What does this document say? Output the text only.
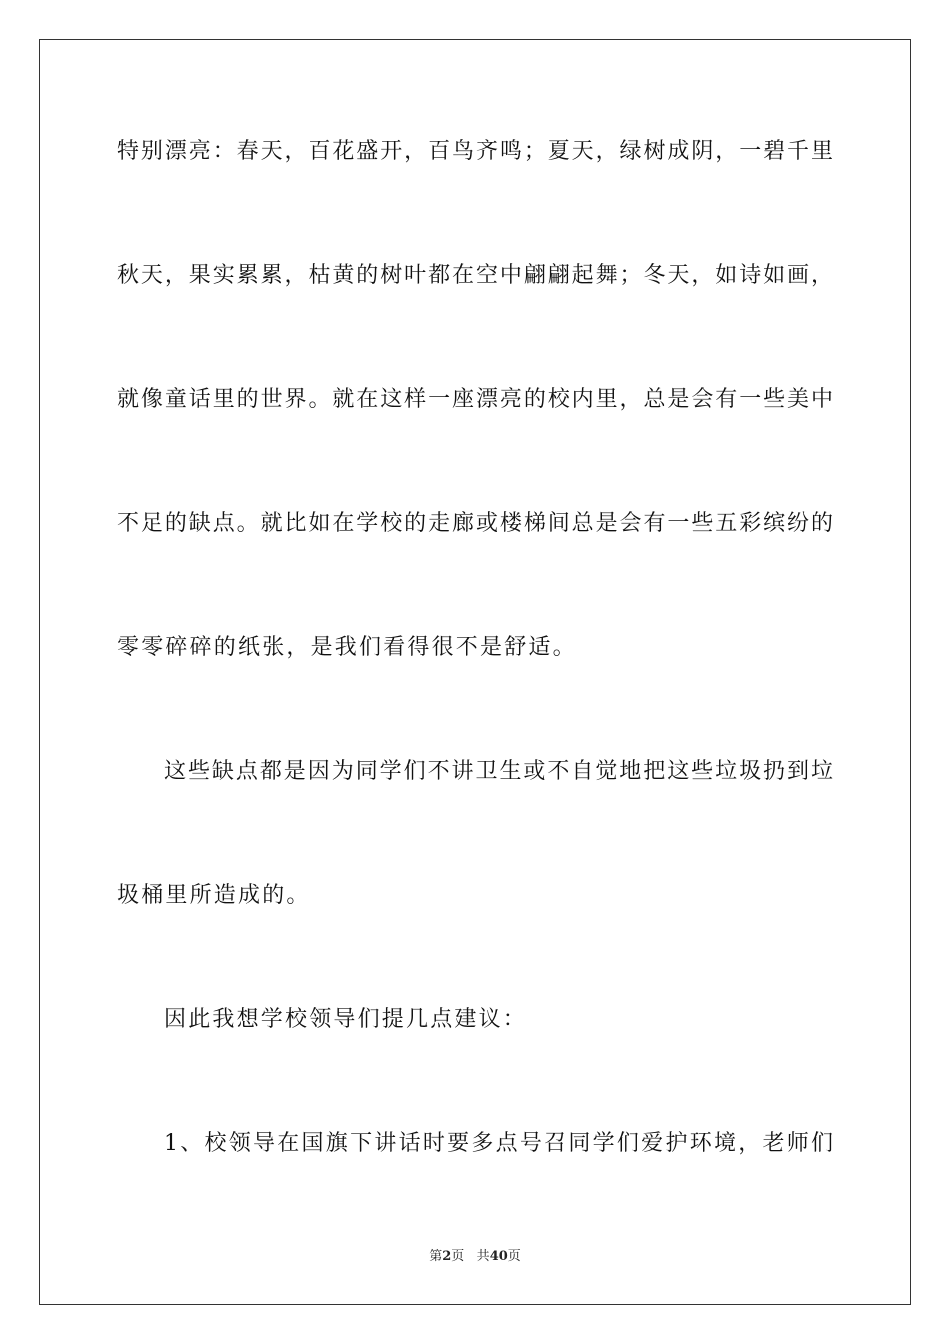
特别漂亮：春天，百花盛开，百鸟齐鸣；夏天，绿树成阴，一碧千里
秋天，果实累累，枯黄的树叶都在空中翩翩起舞；冬天，如诗如画，
就像童话里的世界。就在这样一座漂亮的校内里，总是会有一些美中
不足的缺点。就比如在学校的走廊或楼梯间总是会有一些五彩缤纷的
零零碎碎的纸张，是我们看得很不是舒适。
这些缺点都是因为同学们不讲卫生或不自觉地把这些垃圾扔到垃
圾桶里所造成的。
因此我想学校领导们提几点建议：
1、校领导在国旗下讲话时要多点号召同学们爱护环境，老师们
第2页 共40页
